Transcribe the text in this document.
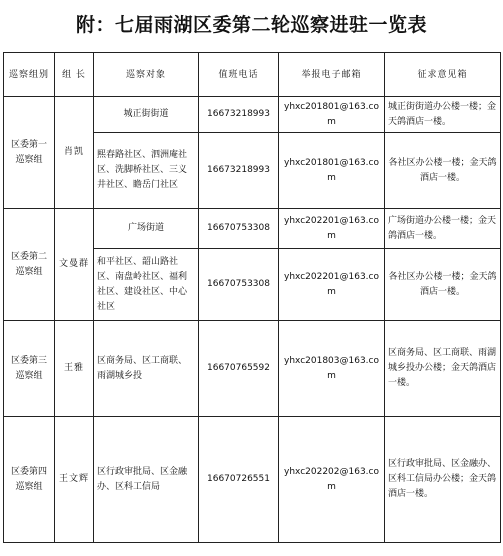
附：七届雨湖区委第二轮巡察进驻一览表
巡察组别	组 长	巡察对象	值班电话	举报电子邮箱	征求意见箱
区委第一巡察组	肖凯	城正街街道	16673218993	yhxc201801@163.com	城正街街道办公楼一楼；金天鸽酒店一楼。
		熙春路社区、泗洲庵社区、洗脚桥社区、三义井社区、瞻岳门社区	16673218993	yhxc201801@163.com	各社区办公楼一楼；金天鸽酒店一楼。
区委第二巡察组	文曼群	广场街道	16670753308	yhxc202201@163.com	广场街道办公楼一楼；金天鸽酒店一楼。
		和平社区、韶山路社区、南盘岭社区、福利社区、建设社区、中心社区	16670753308	yhxc202201@163.com	各社区办公楼一楼；金天鸽酒店一楼。
区委第三巡察组	王雅	区商务局、区工商联、雨湖城乡投	16670765592	yhxc201803@163.com	区商务局、区工商联、雨湖城乡投办公楼；金天鸽酒店一楼。
区委第四巡察组	王文辉	区行政审批局、区金融办、区科工信局	16670726551	yhxc202202@163.com	区行政审批局、区金融办、区科工信局办公楼；金天鸽酒店一楼。
